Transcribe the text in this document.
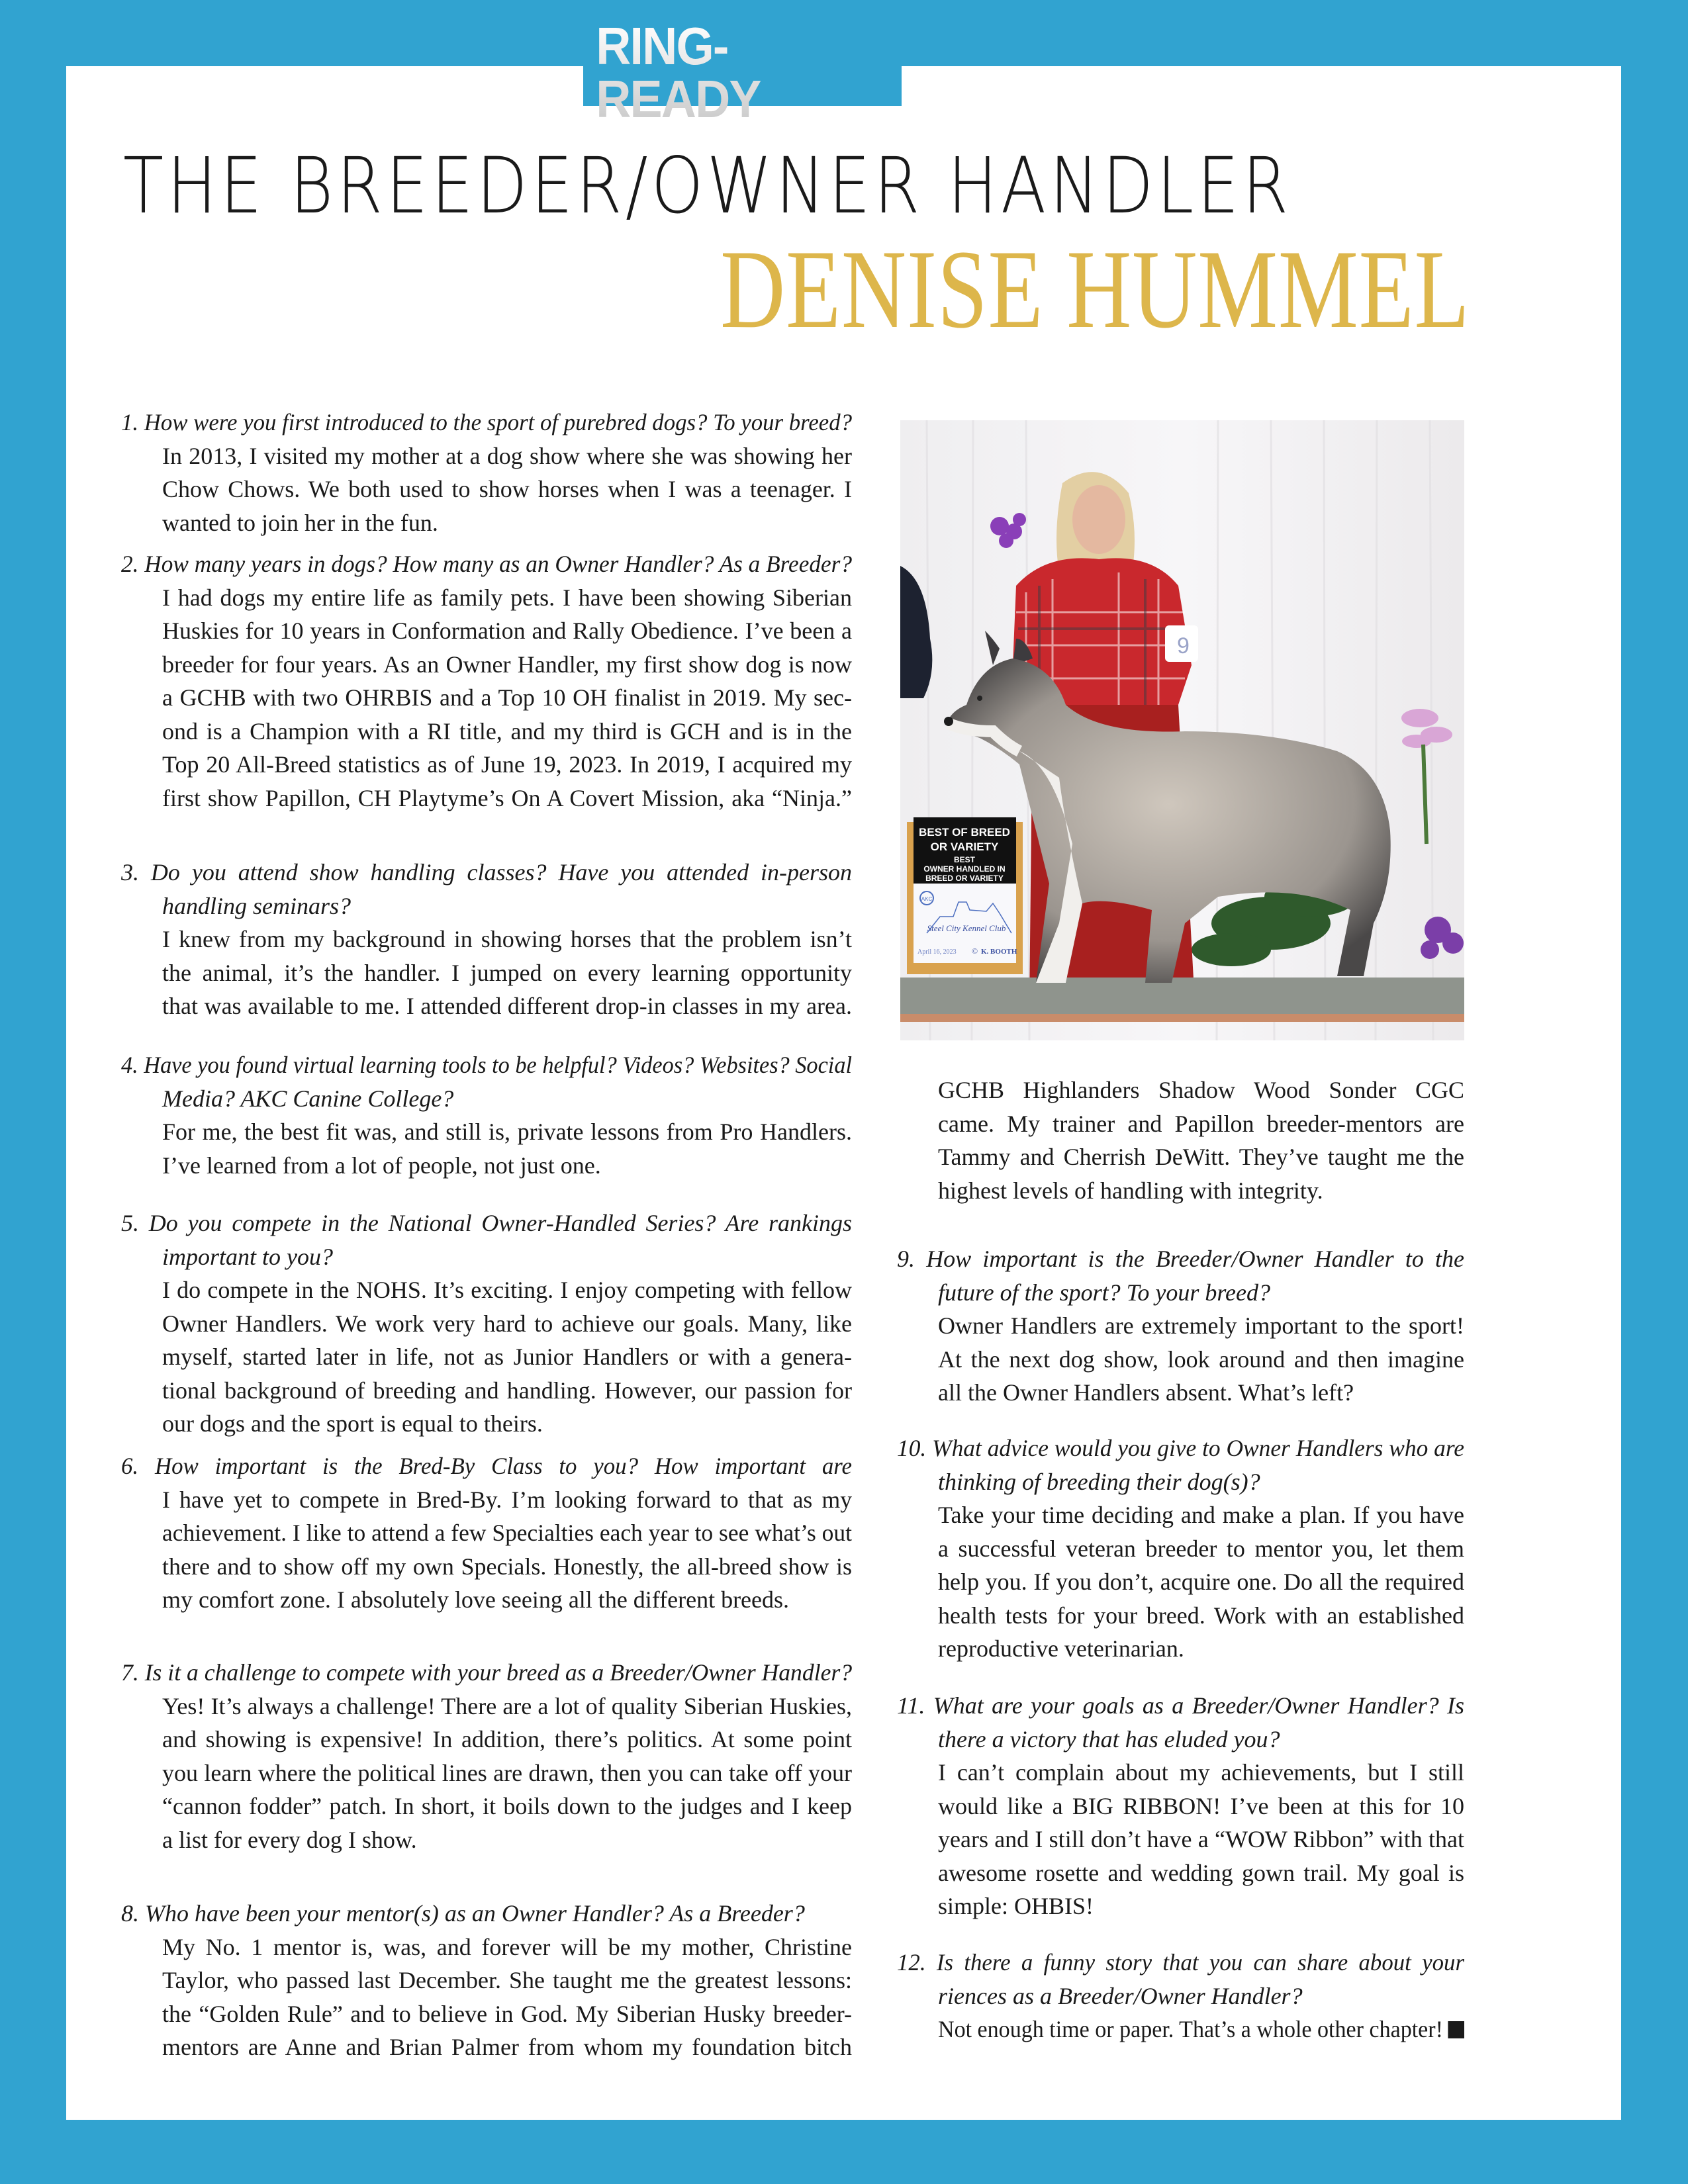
RING-READY
THE BREEDER/OWNER HANDLER
DENISE HUMMEL
9
BEST OF BREED
OR VARIETY
BEST
OWNER HANDLED IN
BREED OR VARIETY
AKC
Steel City Kennel Club
April 16, 2023 © K. BOOTH
1. How were you first introduced to the sport of purebred dogs? To your breed?
In 2013, I visited my mother at a dog show where she was showing her
Chow Chows. We both used to show horses when I was a teenager. I
wanted to join her in the fun.
2. How many years in dogs? How many as an Owner Handler? As a Breeder?
I had dogs my entire life as family pets. I have been showing Siberian
Huskies for 10 years in Conformation and Rally Obedience. I’ve been a
breeder for four years. As an Owner Handler, my first show dog is now
a GCHB with two OHRBIS and a Top 10 OH finalist in 2019. My sec-
ond is a Champion with a RI title, and my third is GCH and is in the
Top 20 All-Breed statistics as of June 19, 2023. In 2019, I acquired my
first show Papillon, CH Playtyme’s On A Covert Mission, aka “Ninja.”
3. Do you attend show handling classes? Have you attended in-person
handling seminars?
I knew from my background in showing horses that the problem isn’t
the animal, it’s the handler. I jumped on every learning opportunity
that was available to me. I attended different drop-in classes in my area.
4. Have you found virtual learning tools to be helpful? Videos? Websites? Social
Media? AKC Canine College?
For me, the best fit was, and still is, private lessons from Pro Handlers.
I’ve learned from a lot of people, not just one.
5. Do you compete in the National Owner-Handled Series? Are rankings
important to you?
I do compete in the NOHS. It’s exciting. I enjoy competing with fellow
Owner Handlers. We work very hard to achieve our goals. Many, like
myself, started later in life, not as Junior Handlers or with a genera-
tional background of breeding and handling. However, our passion for
our dogs and the sport is equal to theirs.
6. How important is the Bred-By Class to you? How important are
I have yet to compete in Bred-By. I’m looking forward to that as my
achievement. I like to attend a few Specialties each year to see what’s out
there and to show off my own Specials. Honestly, the all-breed show is
my comfort zone. I absolutely love seeing all the different breeds.
7. Is it a challenge to compete with your breed as a Breeder/Owner Handler?
Yes! It’s always a challenge! There are a lot of quality Siberian Huskies,
and showing is expensive! In addition, there’s politics. At some point
you learn where the political lines are drawn, then you can take off your
“cannon fodder” patch. In short, it boils down to the judges and I keep
a list for every dog I show.
8. Who have been your mentor(s) as an Owner Handler? As a Breeder?
My No. 1 mentor is, was, and forever will be my mother, Christine
Taylor, who passed last December. She taught me the greatest lessons:
the “Golden Rule” and to believe in God. My Siberian Husky breeder-
mentors are Anne and Brian Palmer from whom my foundation bitch
GCHB Highlanders Shadow Wood Sonder CGC
came. My trainer and Papillon breeder-mentors are
Tammy and Cherrish DeWitt. They’ve taught me the
highest levels of handling with integrity.
9. How important is the Breeder/Owner Handler to the
future of the sport? To your breed?
Owner Handlers are extremely important to the sport!
At the next dog show, look around and then imagine
all the Owner Handlers absent. What’s left?
10. What advice would you give to Owner Handlers who are
thinking of breeding their dog(s)?
Take your time deciding and make a plan. If you have
a successful veteran breeder to mentor you, let them
help you. If you don’t, acquire one. Do all the required
health tests for your breed. Work with an established
reproductive veterinarian.
11. What are your goals as a Breeder/Owner Handler? Is
there a victory that has eluded you?
I can’t complain about my achievements, but I still
would like a BIG RIBBON! I’ve been at this for 10
years and I still don’t have a “WOW Ribbon” with that
awesome rosette and wedding gown trail. My goal is
simple: OHBIS!
12. Is there a funny story that you can share about your
riences as a Breeder/Owner Handler?
Not enough time or paper. That’s a whole other chapter!
